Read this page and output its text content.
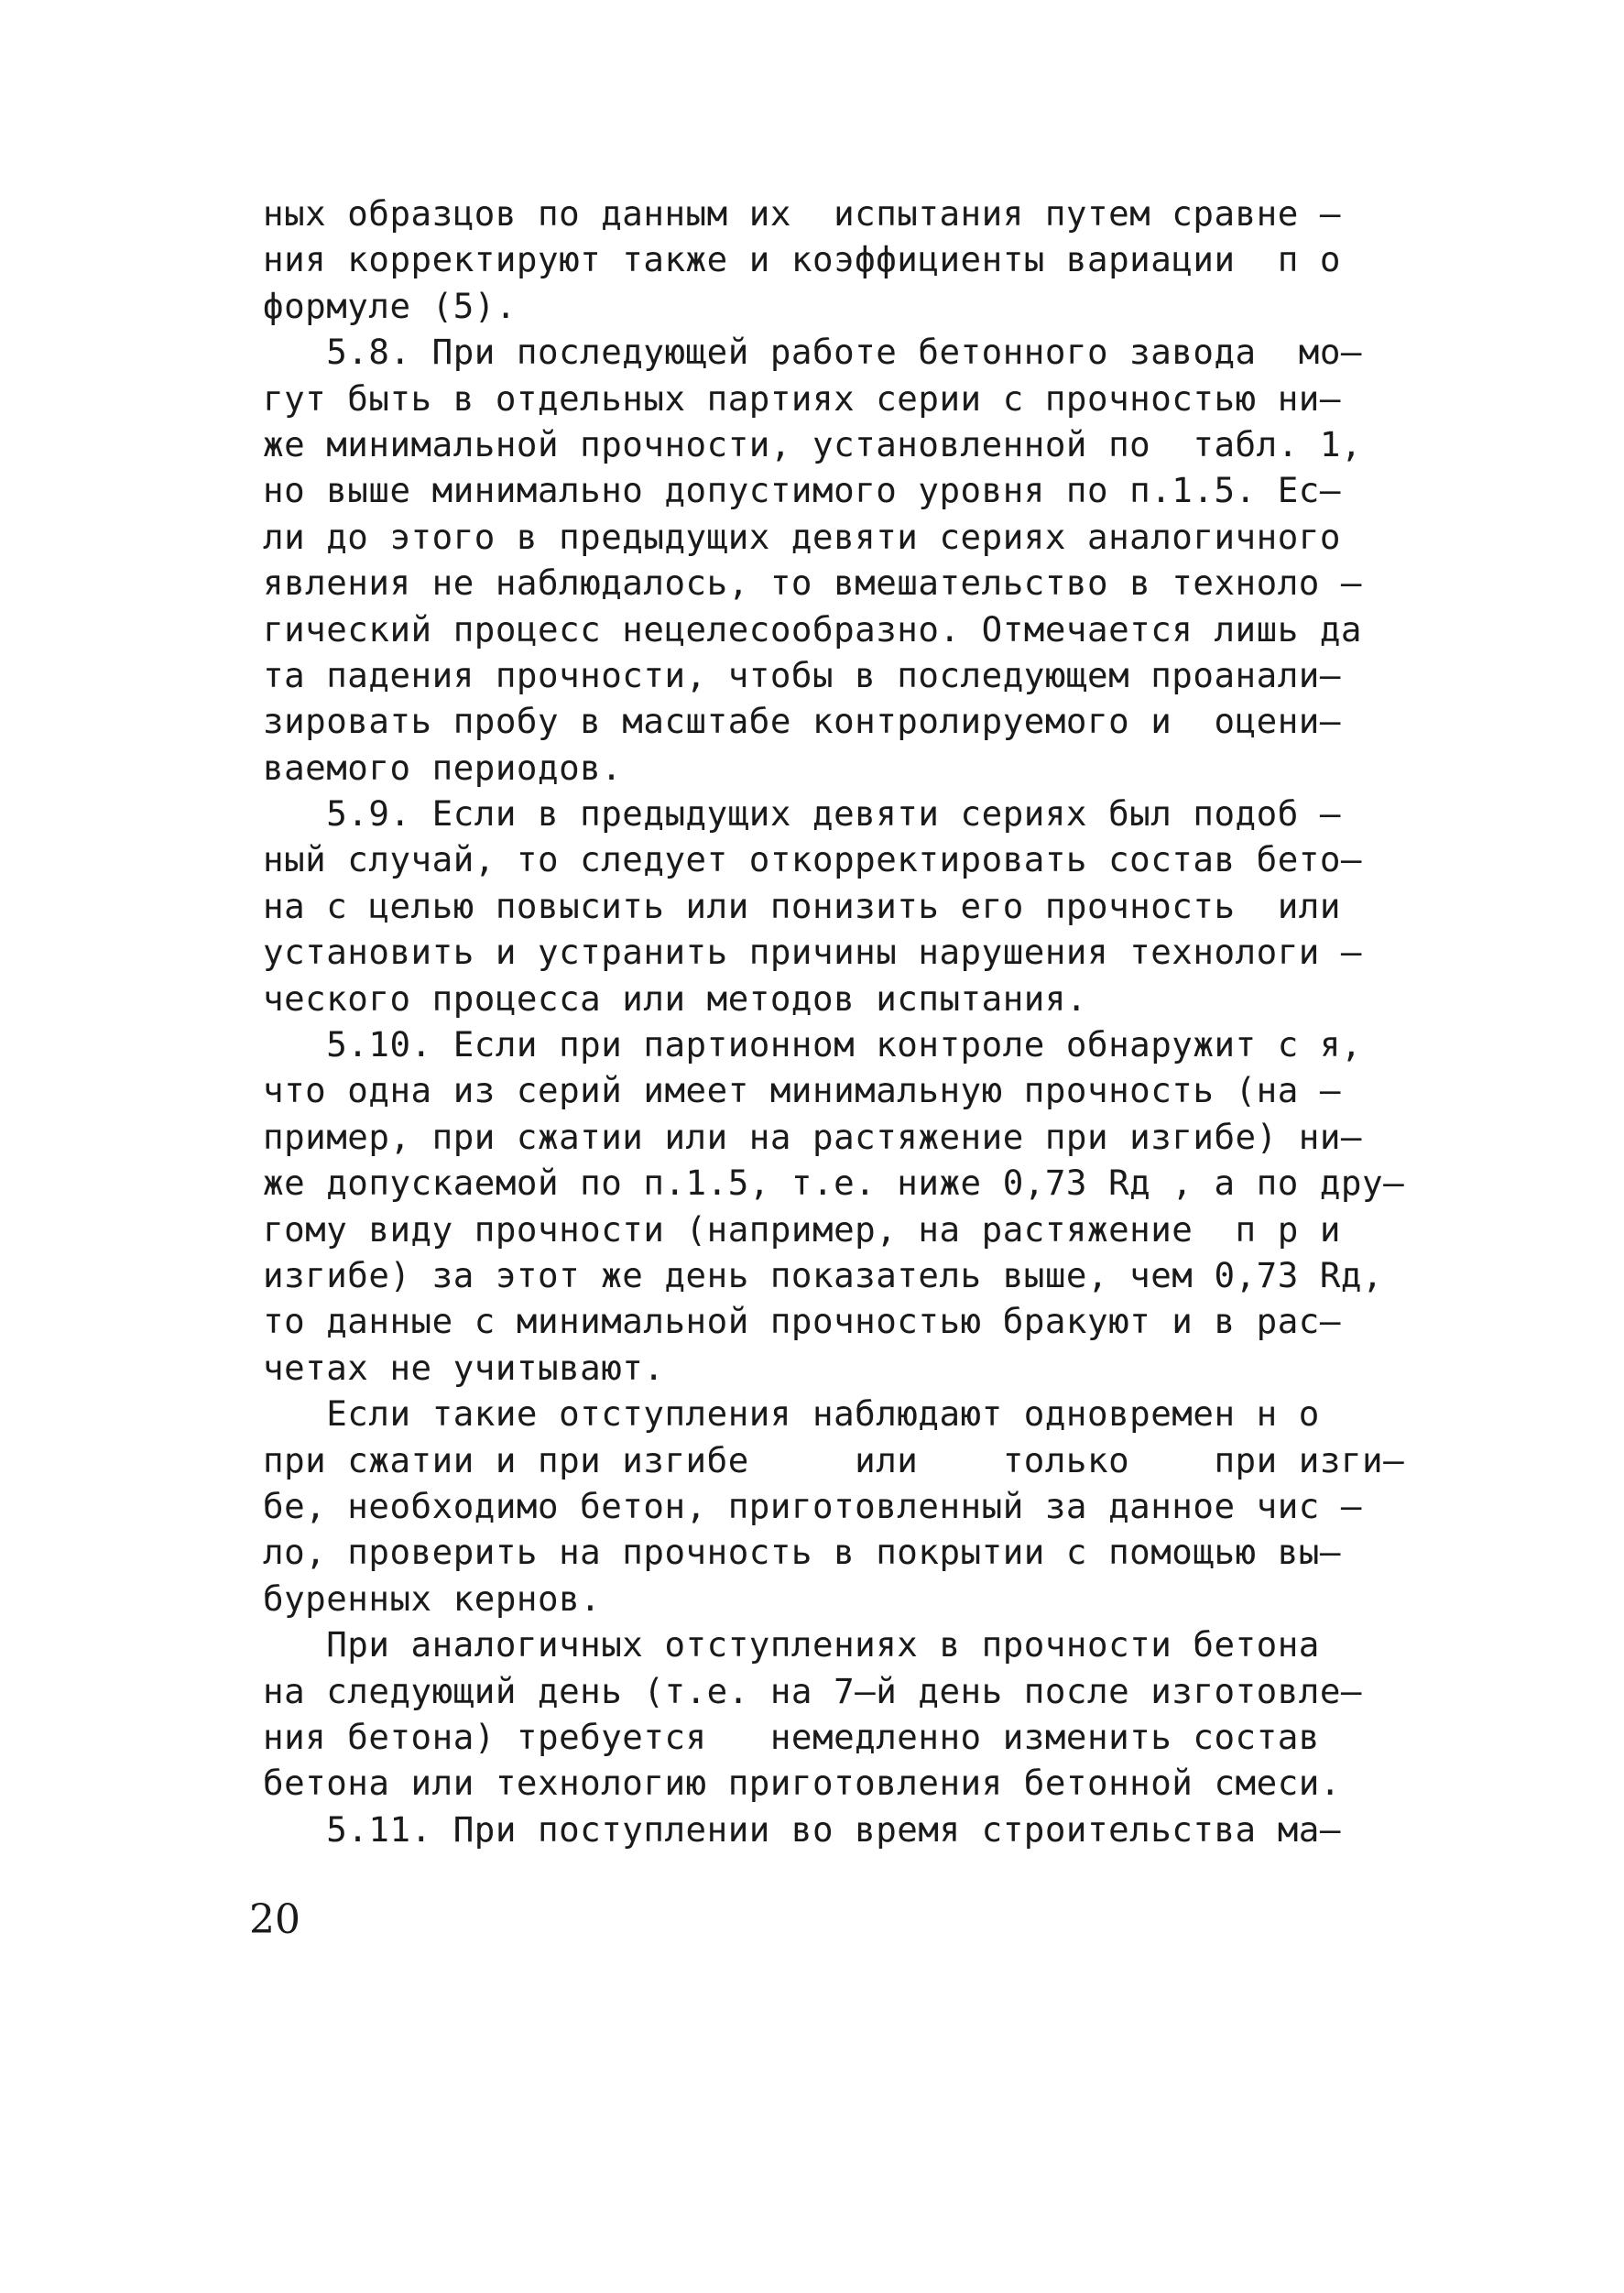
ных образцов по данным их  испытания путем сравне –
ния корректируют также и коэффициенты вариации  п о
формуле (5).
5.8. При последующей работе бетонного завода  мо–
гут быть в отдельных партиях серии с прочностью ни–
же минимальной прочности, установленной по  табл. 1,
но выше минимально допустимого уровня по п.1.5. Ес–
ли до этого в предыдущих девяти сериях аналогичного
явления не наблюдалось, то вмешательство в техноло –
гический процесс нецелесообразно. Отмечается лишь да
та падения прочности, чтобы в последующем проанали–
зировать пробу в масштабе контролируемого и  оцени–
ваемого периодов.
5.9. Если в предыдущих девяти сериях был подоб –
ный случай, то следует откорректировать состав бето–
на с целью повысить или понизить его прочность  или
установить и устранить причины нарушения технологи –
ческого процесса или методов испытания.
5.10. Если при партионном контроле обнаружит с я,
что одна из серий имеет минимальную прочность (на –
пример, при сжатии или на растяжение при изгибе) ни–
же допускаемой по п.1.5, т.е. ниже 0,73 Rд , а по дру–
гому виду прочности (например, на растяжение  п р и
изгибе) за этот же день показатель выше, чем 0,73 Rд,
то данные с минимальной прочностью бракуют и в рас–
четах не учитывают.
Если такие отступления наблюдают одновремен н о
при сжатии и при изгибе     или    только    при изги–
бе, необходимо бетон, приготовленный за данное чис –
ло, проверить на прочность в покрытии с помощью вы–
буренных кернов.
При аналогичных отступлениях в прочности бетона
на следующий день (т.е. на 7–й день после изготовле–
ния бетона) требуется   немедленно изменить состав
бетона или технологию приготовления бетонной смеси.
5.11. При поступлении во время строительства ма–
20
